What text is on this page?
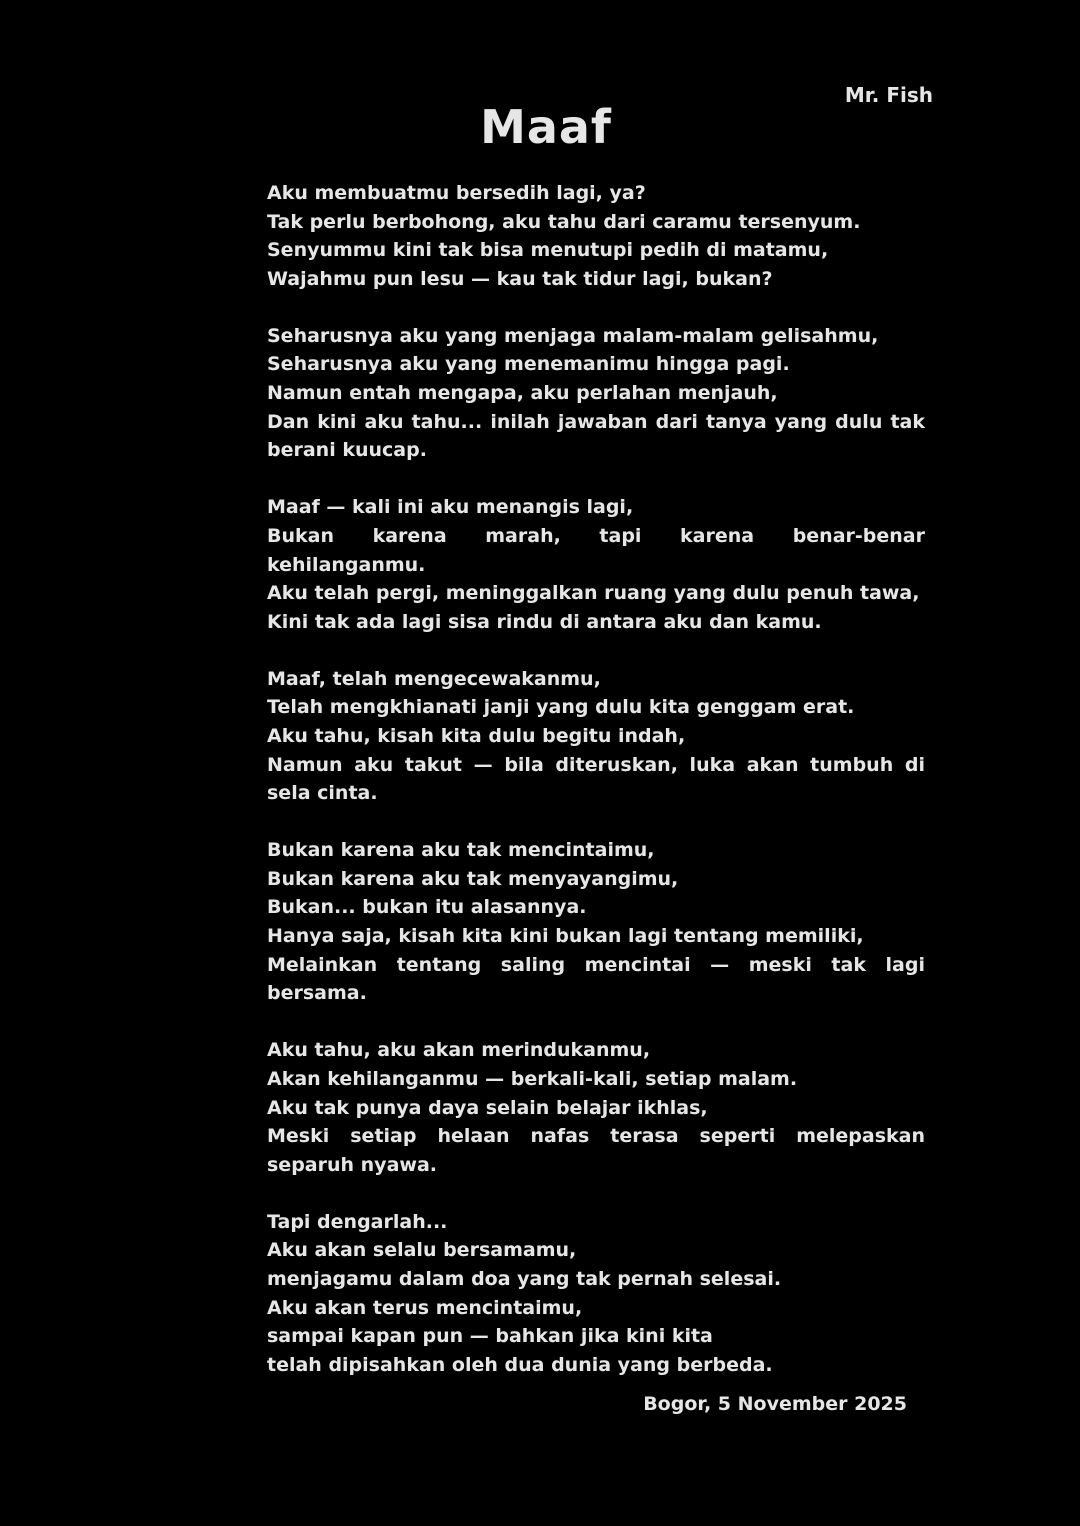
Mr. Fish
Maaf
Aku membuatmu bersedih lagi, ya?
Tak perlu berbohong, aku tahu dari caramu tersenyum.
Senyummu kini tak bisa menutupi pedih di matamu,
Wajahmu pun lesu — kau tak tidur lagi, bukan?
Seharusnya aku yang menjaga malam-malam gelisahmu,
Seharusnya aku yang menemanimu hingga pagi.
Namun entah mengapa, aku perlahan menjauh,
Dan kini aku tahu... inilah jawaban dari tanya yang dulu tak berani kuucap.
Maaf — kali ini aku menangis lagi,
Bukan karena marah, tapi karena benar-benar kehilanganmu.
Aku telah pergi, meninggalkan ruang yang dulu penuh tawa,
Kini tak ada lagi sisa rindu di antara aku dan kamu.
Maaf, telah mengecewakanmu,
Telah mengkhianati janji yang dulu kita genggam erat.
Aku tahu, kisah kita dulu begitu indah,
Namun aku takut — bila diteruskan, luka akan tumbuh di sela cinta.
Bukan karena aku tak mencintaimu,
Bukan karena aku tak menyayangimu,
Bukan... bukan itu alasannya.
Hanya saja, kisah kita kini bukan lagi tentang memiliki,
Melainkan tentang saling mencintai — meski tak lagi bersama.
Aku tahu, aku akan merindukanmu,
Akan kehilanganmu — berkali-kali, setiap malam.
Aku tak punya daya selain belajar ikhlas,
Meski setiap helaan nafas terasa seperti melepaskan separuh nyawa.
Tapi dengarlah...
Aku akan selalu bersamamu,
menjagamu dalam doa yang tak pernah selesai.
Aku akan terus mencintaimu,
sampai kapan pun — bahkan jika kini kita
telah dipisahkan oleh dua dunia yang berbeda.
Bogor, 5 November 2025
